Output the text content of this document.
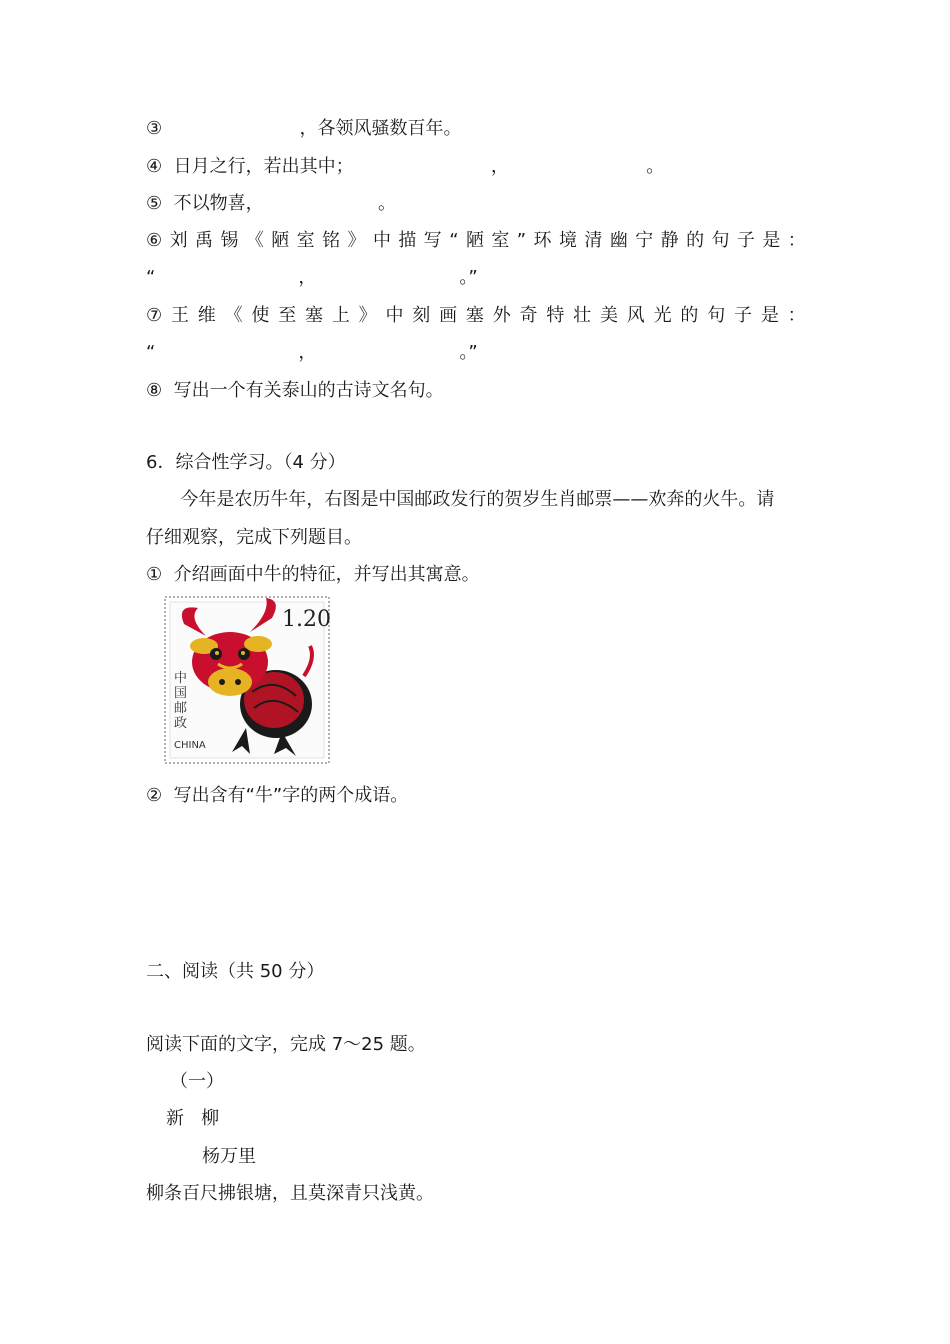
③                        ，各领风骚数百年。
④  日月之行，若出其中；                        ，                        。
⑤  不以物喜，                    。
⑥ 刘 禹 锡 《 陋 室 铭 》 中 描 写 “ 陋 室 ” 环 境 清 幽 宁 静 的 句 子 是 ：
“                         ，                         。”
⑦ 王 维 《 使 至 塞 上 》 中 刻 画 塞 外 奇 特 壮 美 风 光 的 句 子 是 ：
“                         ，                         。”
⑧  写出一个有关泰山的古诗文名句。
6．综合性学习。（4 分）
今年是农历牛年，右图是中国邮政发行的贺岁生肖邮票——欢奔的火牛。请
仔细观察，完成下列题目。
①  介绍画面中牛的特征，并写出其寓意。
1.20
中国邮政
CHINA
②  写出含有“牛”字的两个成语。
二、阅读（共 50 分）
阅读下面的文字，完成 7～25 题。
（一）
新   柳
杨万里
柳条百尺拂银塘，且莫深青只浅黄。
